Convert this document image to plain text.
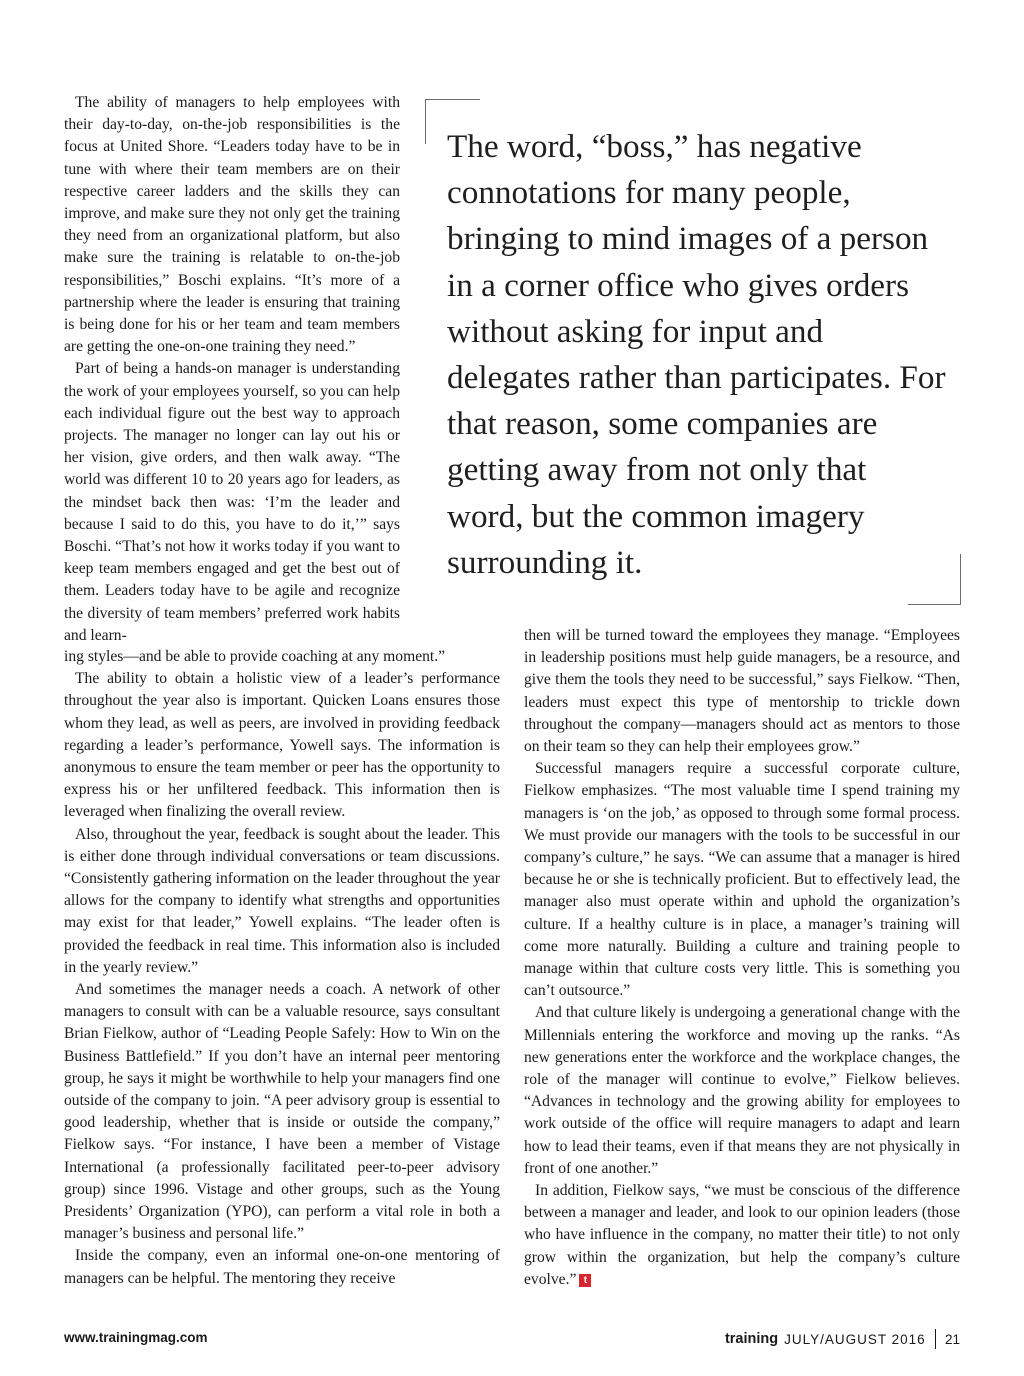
The ability of managers to help employees with their day-to-day, on-the-job responsibilities is the focus at United Shore. “Leaders today have to be in tune with where their team members are on their respective career ladders and the skills they can improve, and make sure they not only get the training they need from an organizational platform, but also make sure the training is relatable to on-the-job responsibilities,” Boschi explains. “It’s more of a partnership where the leader is ensuring that training is being done for his or her team and team members are getting the one-on-one training they need.”

Part of being a hands-on manager is understanding the work of your employees yourself, so you can help each individual figure out the best way to approach projects. The manager no longer can lay out his or her vision, give orders, and then walk away. “The world was different 10 to 20 years ago for leaders, as the mindset back then was: ‘I’m the leader and because I said to do this, you have to do it,’” says Boschi. “That’s not how it works today if you want to keep team members engaged and get the best out of them. Leaders today have to be agile and recognize the diversity of team members’ preferred work habits and learn-

The word, “boss,” has negative connotations for many people, bringing to mind images of a person in a corner office who gives orders without asking for input and delegates rather than participates. For that reason, some companies are getting away from not only that word, but the common imagery surrounding it.

ing styles—and be able to provide coaching at any moment.”

The ability to obtain a holistic view of a leader’s performance throughout the year also is important. Quicken Loans ensures those whom they lead, as well as peers, are involved in providing feedback regarding a leader’s performance, Yowell says. The information is anonymous to ensure the team member or peer has the opportunity to express his or her unfiltered feedback. This information then is leveraged when finalizing the overall review.

Also, throughout the year, feedback is sought about the leader. This is either done through individual conversations or team discussions. “Consistently gathering information on the leader throughout the year allows for the company to identify what strengths and opportunities may exist for that leader,” Yowell explains. “The leader often is provided the feedback in real time. This information also is included in the yearly review.”

And sometimes the manager needs a coach. A network of other managers to consult with can be a valuable resource, says consultant Brian Fielkow, author of “Leading People Safely: How to Win on the Business Battlefield.” If you don’t have an internal peer mentoring group, he says it might be worthwhile to help your managers find one outside of the company to join. “A peer advisory group is essential to good leadership, whether that is inside or outside the company,” Fielkow says. “For instance, I have been a member of Vistage International (a professionally facilitated peer-to-peer advisory group) since 1996. Vistage and other groups, such as the Young Presidents’ Organization (YPO), can perform a vital role in both a manager’s business and personal life.”

Inside the company, even an informal one-on-one mentoring of managers can be helpful. The mentoring they receive

then will be turned toward the employees they manage. “Employees in leadership positions must help guide managers, be a resource, and give them the tools they need to be successful,” says Fielkow. “Then, leaders must expect this type of mentorship to trickle down throughout the company—managers should act as mentors to those on their team so they can help their employees grow.”

Successful managers require a successful corporate culture, Fielkow emphasizes. “The most valuable time I spend training my managers is ‘on the job,’ as opposed to through some formal process. We must provide our managers with the tools to be successful in our company’s culture,” he says. “We can assume that a manager is hired because he or she is technically proficient. But to effectively lead, the manager also must operate within and uphold the organization’s culture. If a healthy culture is in place, a manager’s training will come more naturally. Building a culture and training people to manage within that culture costs very little. This is something you can’t outsource.”

And that culture likely is undergoing a generational change with the Millennials entering the workforce and moving up the ranks. “As new generations enter the workforce and the workplace changes, the role of the manager will continue to evolve,” Fielkow believes. “Advances in technology and the growing ability for employees to work outside of the office will require managers to adapt and learn how to lead their teams, even if that means they are not physically in front of one another.”

In addition, Fielkow says, “we must be conscious of the difference between a manager and leader, and look to our opinion leaders (those who have influence in the company, no matter their title) to not only grow within the organization, but help the company’s culture evolve.” t

www.trainingmag.com	training JULY/AUGUST 2016 21
